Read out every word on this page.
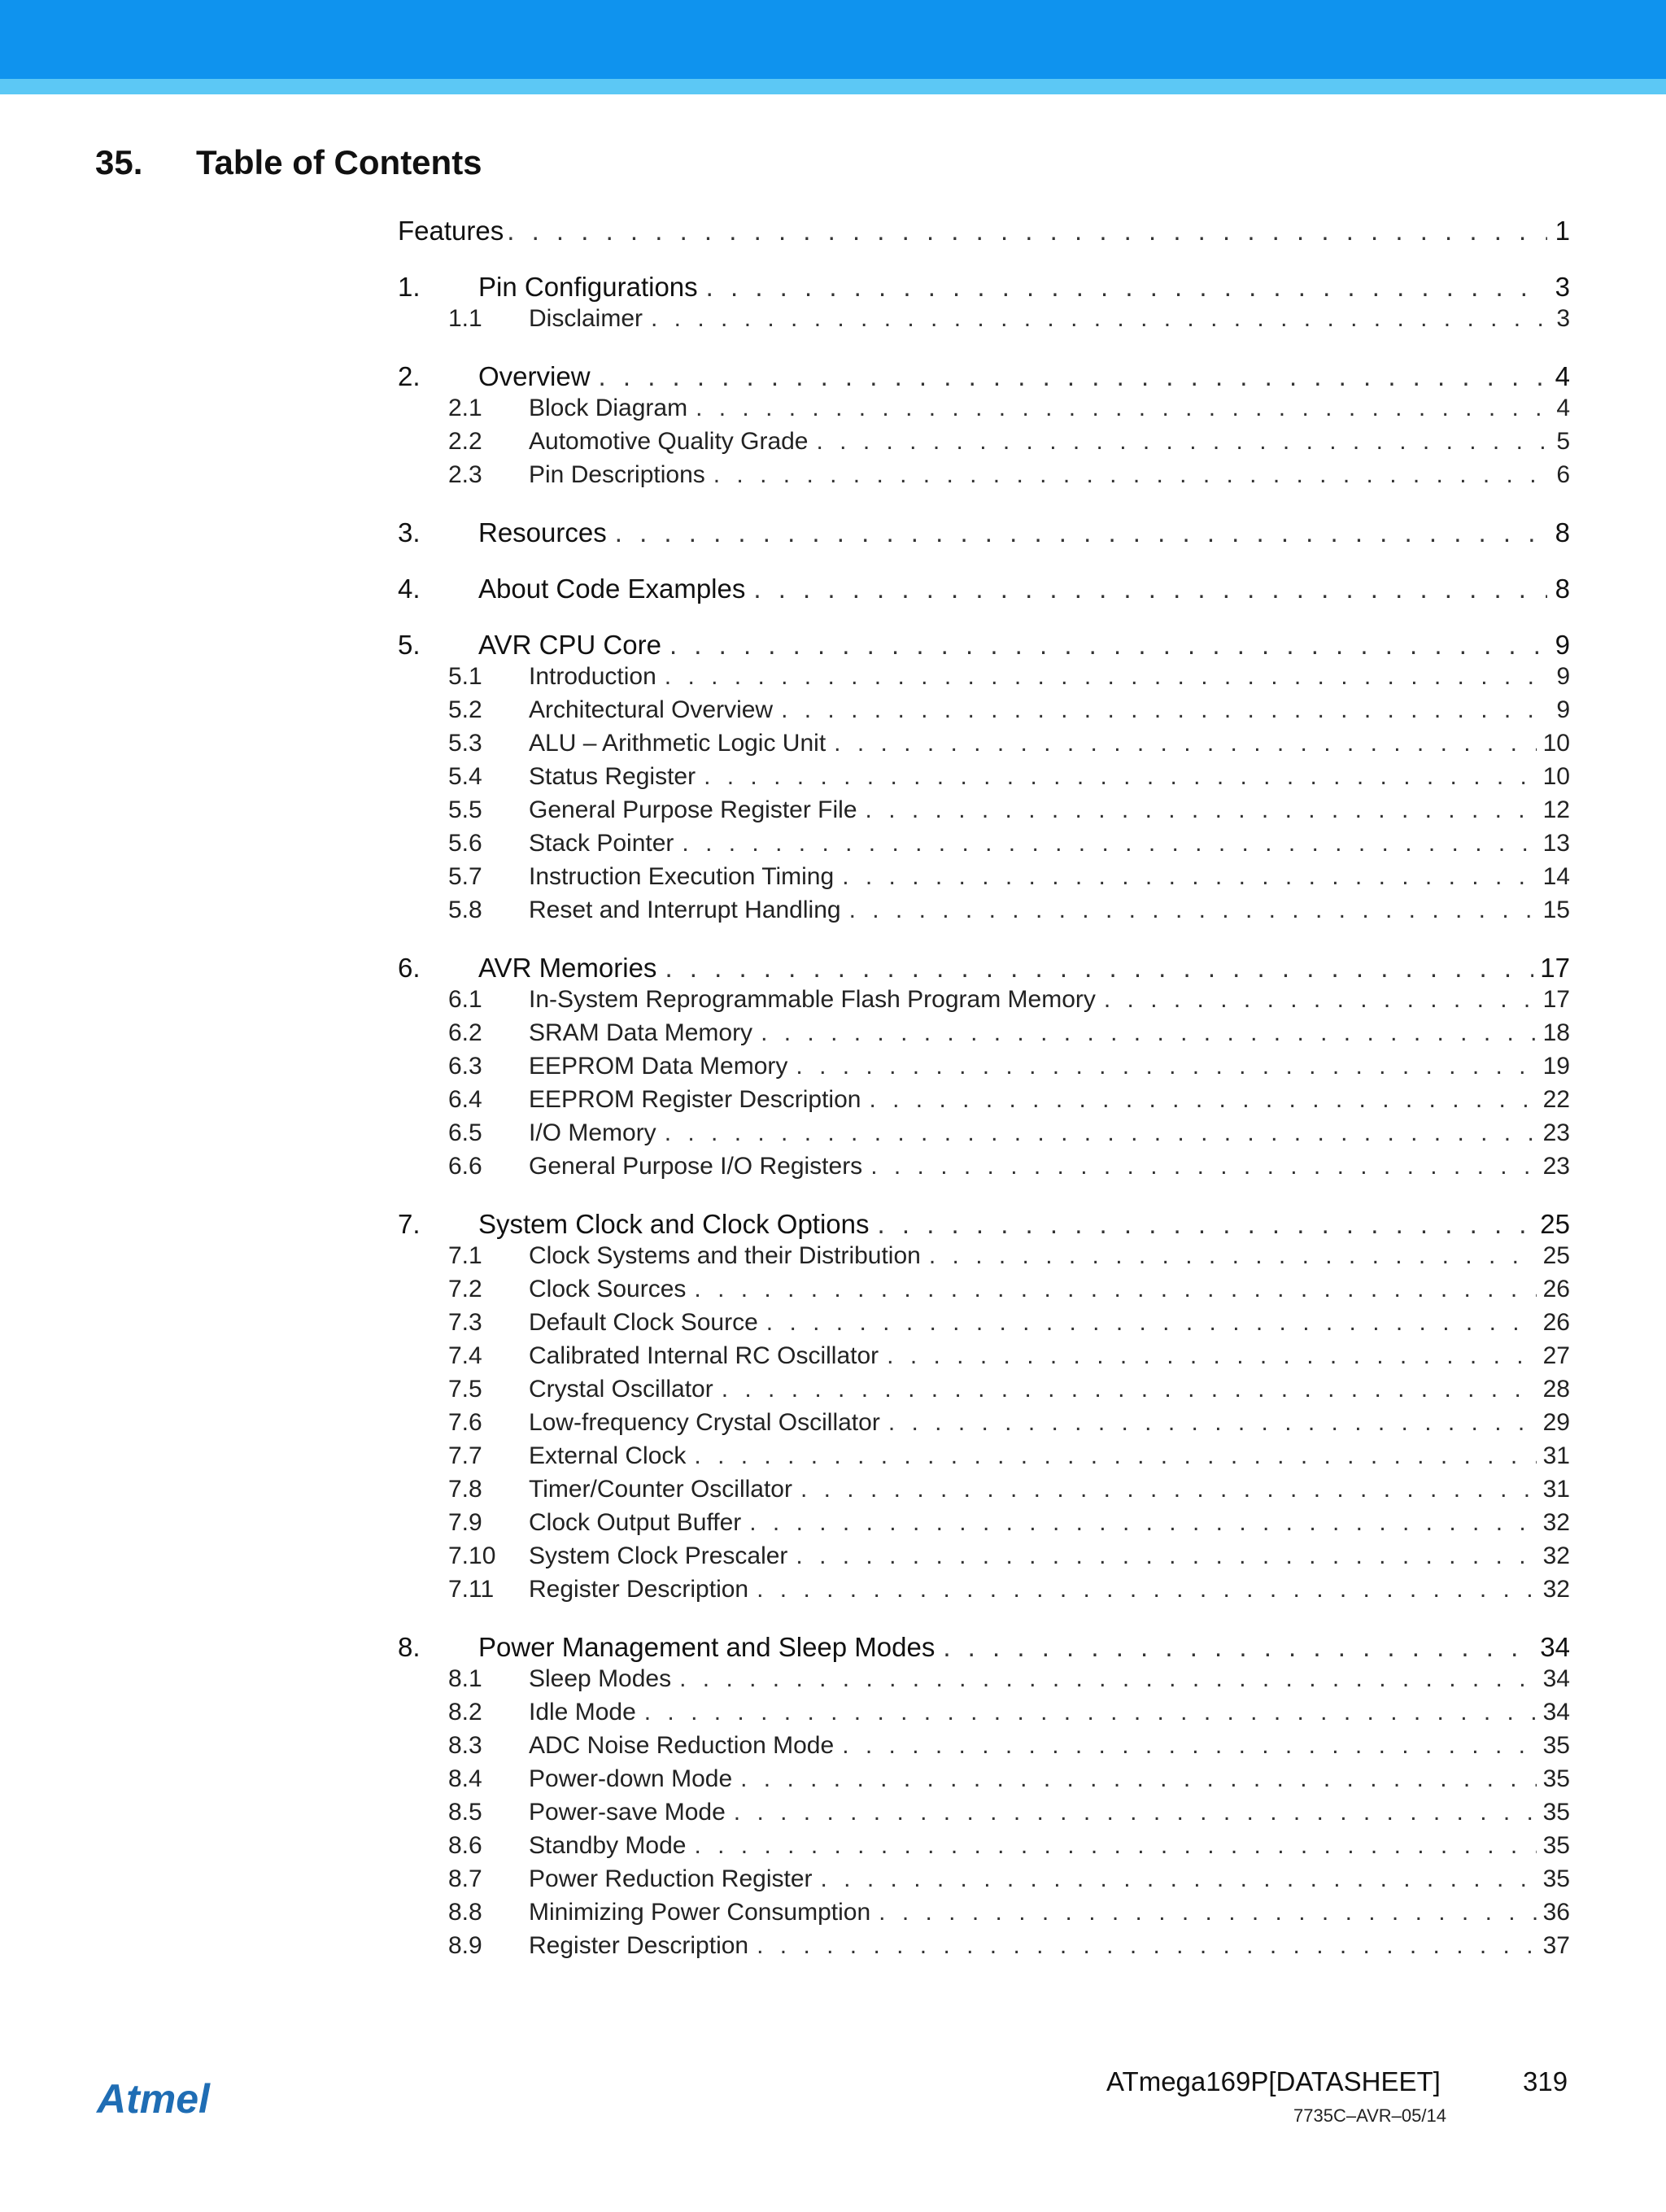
35. Table of Contents
Features . . .	1
1.	Pin Configurations . . .	3
1.1	Disclaimer . . .	3
2.	Overview . . .	4
2.1	Block Diagram . . .	4
2.2	Automotive Quality Grade . . .	5
2.3	Pin Descriptions . . .	6
3.	Resources . . .	8
4.	About Code Examples . . .	8
5.	AVR CPU Core . . .	9
5.1	Introduction . . .	9
5.2	Architectural Overview . . .	9
5.3	ALU – Arithmetic Logic Unit . . .	10
5.4	Status Register . . .	10
5.5	General Purpose Register File . . .	12
5.6	Stack Pointer . . .	13
5.7	Instruction Execution Timing . . .	14
5.8	Reset and Interrupt Handling . . .	15
6.	AVR Memories . . .	17
6.1	In-System Reprogrammable Flash Program Memory . . .	17
6.2	SRAM Data Memory . . .	18
6.3	EEPROM Data Memory . . .	19
6.4	EEPROM Register Description . . .	22
6.5	I/O Memory . . .	23
6.6	General Purpose I/O Registers . . .	23
7.	System Clock and Clock Options . . .	25
7.1	Clock Systems and their Distribution . . .	25
7.2	Clock Sources . . .	26
7.3	Default Clock Source . . .	26
7.4	Calibrated Internal RC Oscillator . . .	27
7.5	Crystal Oscillator . . .	28
7.6	Low-frequency Crystal Oscillator . . .	29
7.7	External Clock . . .	31
7.8	Timer/Counter Oscillator . . .	31
7.9	Clock Output Buffer . . .	32
7.10	System Clock Prescaler . . .	32
7.11	Register Description . . .	32
8.	Power Management and Sleep Modes . . .	34
8.1	Sleep Modes . . .	34
8.2	Idle Mode . . .	34
8.3	ADC Noise Reduction Mode . . .	35
8.4	Power-down Mode . . .	35
8.5	Power-save Mode . . .	35
8.6	Standby Mode . . .	35
8.7	Power Reduction Register . . .	35
8.8	Minimizing Power Consumption . . .	36
8.9	Register Description . . .	37
Atmel	ATmega169P[DATASHEET]	319
7735C–AVR–05/14
